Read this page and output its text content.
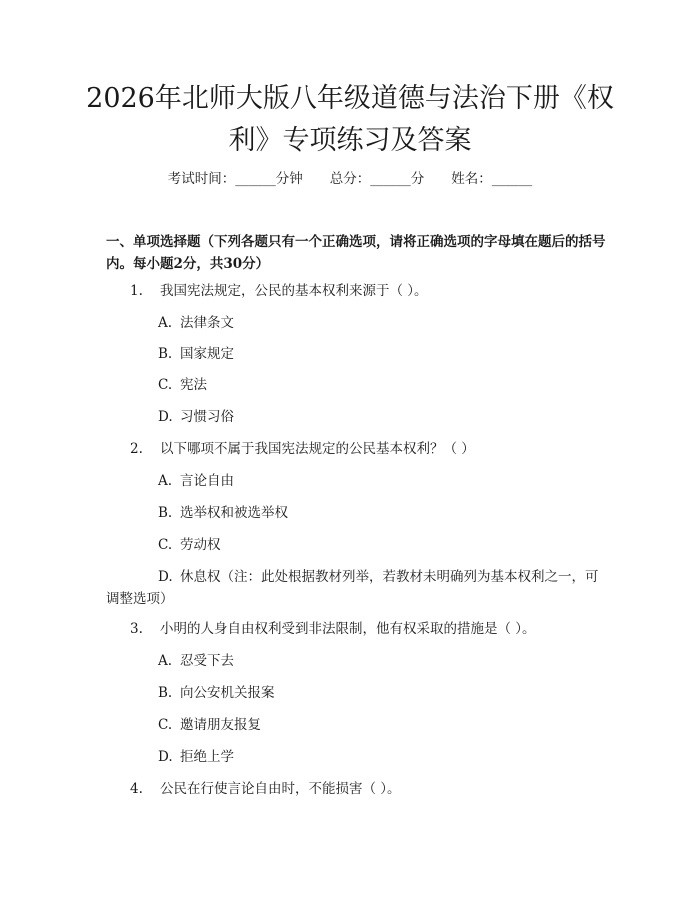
2026年北师大版八年级道德与法治下册《权利》专项练习及答案
考试时间：______分钟　　总分：______分　　姓名：______
一、单项选择题（下列各题只有一个正确选项，请将正确选项的字母填在题后的括号内。每小题2分，共30分）
1. 我国宪法规定，公民的基本权利来源于（ ）。
A. 法律条文
B. 国家规定
C. 宪法
D. 习惯习俗
2. 以下哪项不属于我国宪法规定的公民基本权利？（ ）
A. 言论自由
B. 选举权和被选举权
C. 劳动权
D. 休息权（注：此处根据教材列举，若教材未明确列为基本权利之一，可调整选项）
3. 小明的人身自由权利受到非法限制，他有权采取的措施是（ ）。
A. 忍受下去
B. 向公安机关报案
C. 邀请朋友报复
D. 拒绝上学
4. 公民在行使言论自由时，不能损害（ ）。
